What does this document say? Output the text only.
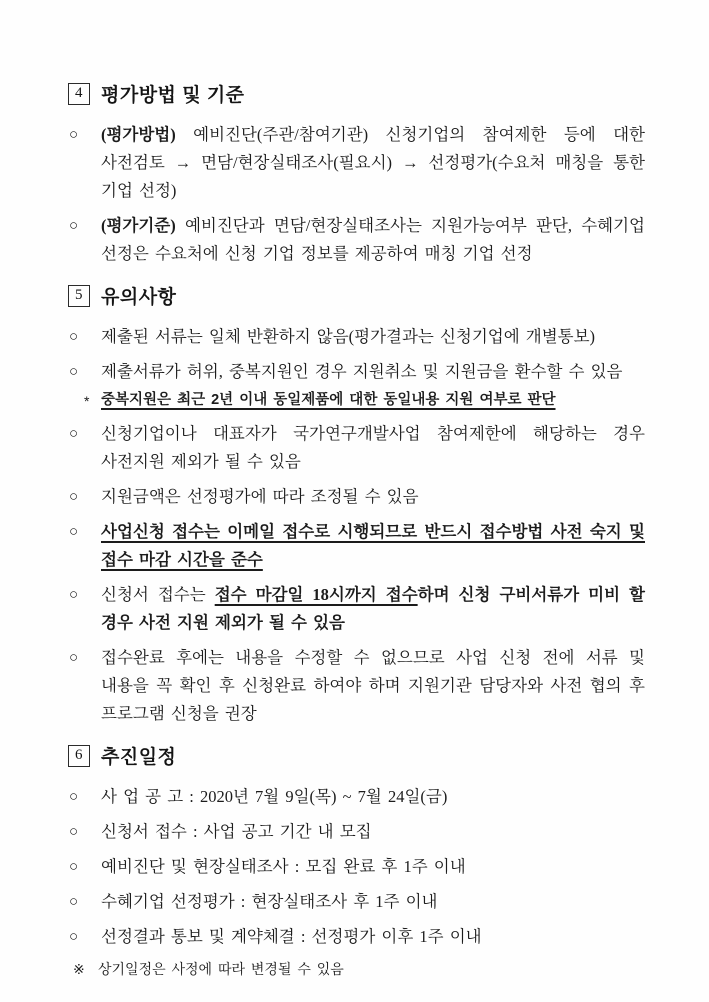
4 평가방법 및 기준
○ (평가방법) 예비진단(주관/참여기관) 신청기업의 참여제한 등에 대한 사전검토 → 면담/현장실태조사(필요시) → 선정평가(수요처 매칭을 통한 기업 선정)
○ (평가기준) 예비진단과 면담/현장실태조사는 지원가능여부 판단, 수혜기업 선정은 수요처에 신청 기업 정보를 제공하여 매칭 기업 선정
5 유의사항
○ 제출된 서류는 일체 반환하지 않음(평가결과는 신청기업에 개별통보)
○ 제출서류가 허위, 중복지원인 경우 지원취소 및 지원금을 환수할 수 있음
* 중복지원은 최근 2년 이내 동일제품에 대한 동일내용 지원 여부로 판단
○ 신청기업이나 대표자가 국가연구개발사업 참여제한에 해당하는 경우 사전지원 제외가 될 수 있음
○ 지원금액은 선정평가에 따라 조정될 수 있음
○ 사업신청 접수는 이메일 접수로 시행되므로 반드시 접수방법 사전 숙지 및 접수 마감 시간을 준수
○ 신청서 접수는 접수 마감일 18시까지 접수하며 신청 구비서류가 미비 할 경우 사전 지원 제외가 될 수 있음
○ 접수완료 후에는 내용을 수정할 수 없으므로 사업 신청 전에 서류 및 내용을 꼭 확인 후 신청완료 하여야 하며 지원기관 담당자와 사전 협의 후 프로그램 신청을 권장
6 추진일정
○ 사 업 공 고 : 2020년 7월 9일(목) ~ 7월 24일(금)
○ 신청서 접수 : 사업 공고 기간 내 모집
○ 예비진단 및 현장실태조사 : 모집 완료 후 1주 이내
○ 수혜기업 선정평가 : 현장실태조사 후 1주 이내
○ 선정결과 통보 및 계약체결 : 선정평가 이후 1주 이내
※ 상기일정은 사정에 따라 변경될 수 있음
